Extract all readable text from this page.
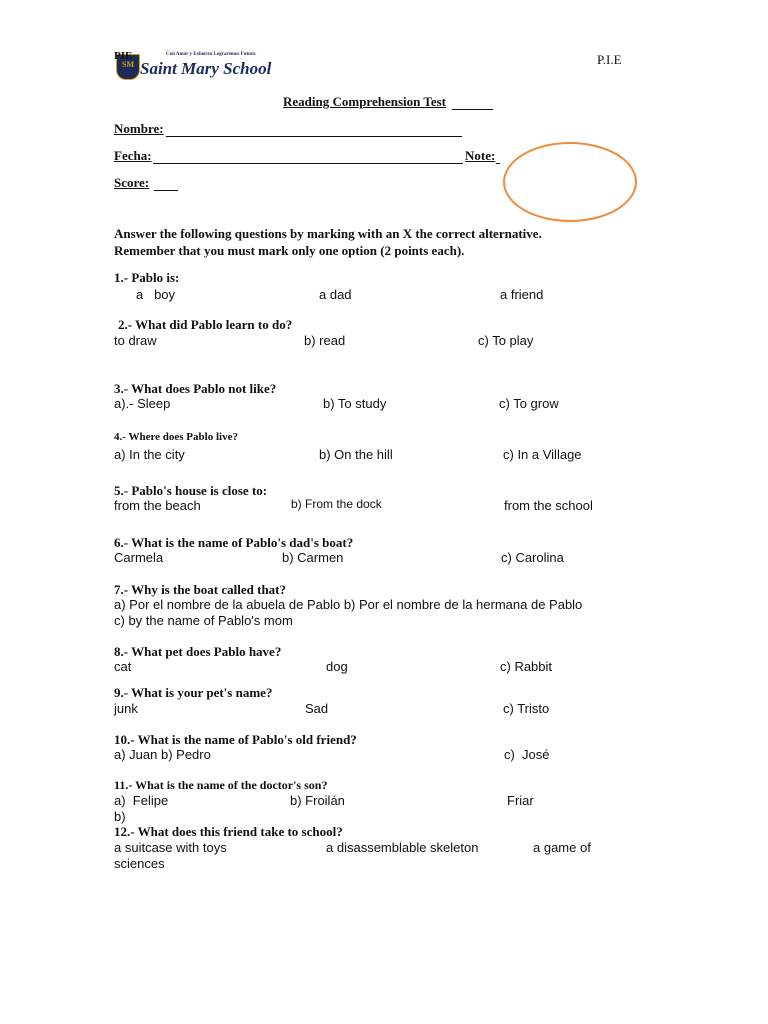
SM
PIE	Con Amor y Esfuerzo Lograremos Futuro
Saint Mary School	P.I.E
Reading Comprehension Test
Nombre:
Fecha:	Note:
Score:
Answer the following questions by marking with an X the correct alternative.
Remember that you must mark only one option (2 points each).
1.- Pablo is:
a   boy	a dad	a friend
2.- What did Pablo learn to do?
to draw	b) read	c) To play
3.- What does Pablo not like?
a).- Sleep	b) To study	c) To grow
4.- Where does Pablo live?
a) In the city	b) On the hill	c) In a Village
5.- Pablo's house is close to:
from the beach	b) From the dock	from the school
6.- What is the name of Pablo's dad's boat?
Carmela	b) Carmen	c) Carolina
7.- Why is the boat called that?
a) Por el nombre de la abuela de Pablo b) Por el nombre de la hermana de Pablo
c) by the name of Pablo's mom
8.- What pet does Pablo have?
cat	dog	c) Rabbit
9.- What is your pet's name?
junk	Sad	c) Tristo
10.- What is the name of Pablo's old friend?
a) Juan b) Pedro	c)  José
11.- What is the name of the doctor's son?
a)  Felipe	b) Froilán	Friar
b)
12.- What does this friend take to school?
a suitcase with toys	a disassemblable skeleton	a game of
sciences
